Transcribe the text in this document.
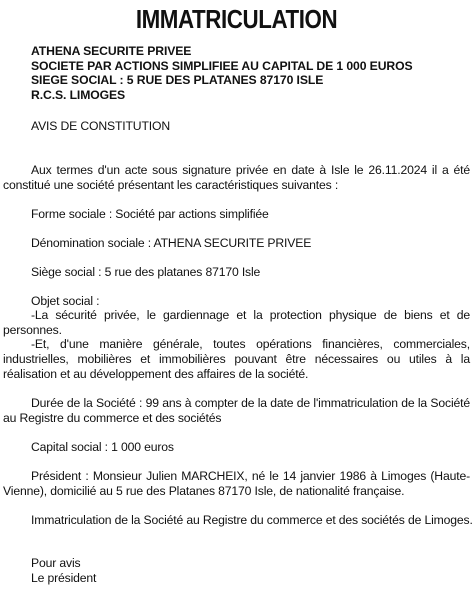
IMMATRICULATION
ATHENA SECURITE PRIVEE
SOCIETE PAR ACTIONS SIMPLIFIEE AU CAPITAL DE 1 000 EUROS
SIEGE SOCIAL : 5 RUE DES PLATANES 87170 ISLE
R.C.S. LIMOGES
AVIS DE CONSTITUTION
Aux termes d'un acte sous signature privée en date à Isle le 26.11.2024 il a été constitué une société présentant les caractéristiques suivantes :
Forme sociale : Société par actions simplifiée
Dénomination sociale : ATHENA SECURITE PRIVEE
Siège social : 5 rue des platanes 87170 Isle
Objet social :
-La sécurité privée, le gardiennage et la protection physique de biens et de personnes.
-Et, d'une manière générale, toutes opérations financières, commerciales, industrielles, mobilières et immobilières pouvant être nécessaires ou utiles à la réalisation et au développement des affaires de la société.
Durée de la Société : 99 ans à compter de la date de l'immatriculation de la Société au Registre du commerce et des sociétés
Capital social : 1 000 euros
Président : Monsieur Julien MARCHEIX, né le 14 janvier 1986 à Limoges (Haute-Vienne), domicilié au 5 rue des Platanes 87170 Isle, de nationalité française.
Immatriculation de la Société au Registre du commerce et des sociétés de Limoges.
Pour avis
Le président
